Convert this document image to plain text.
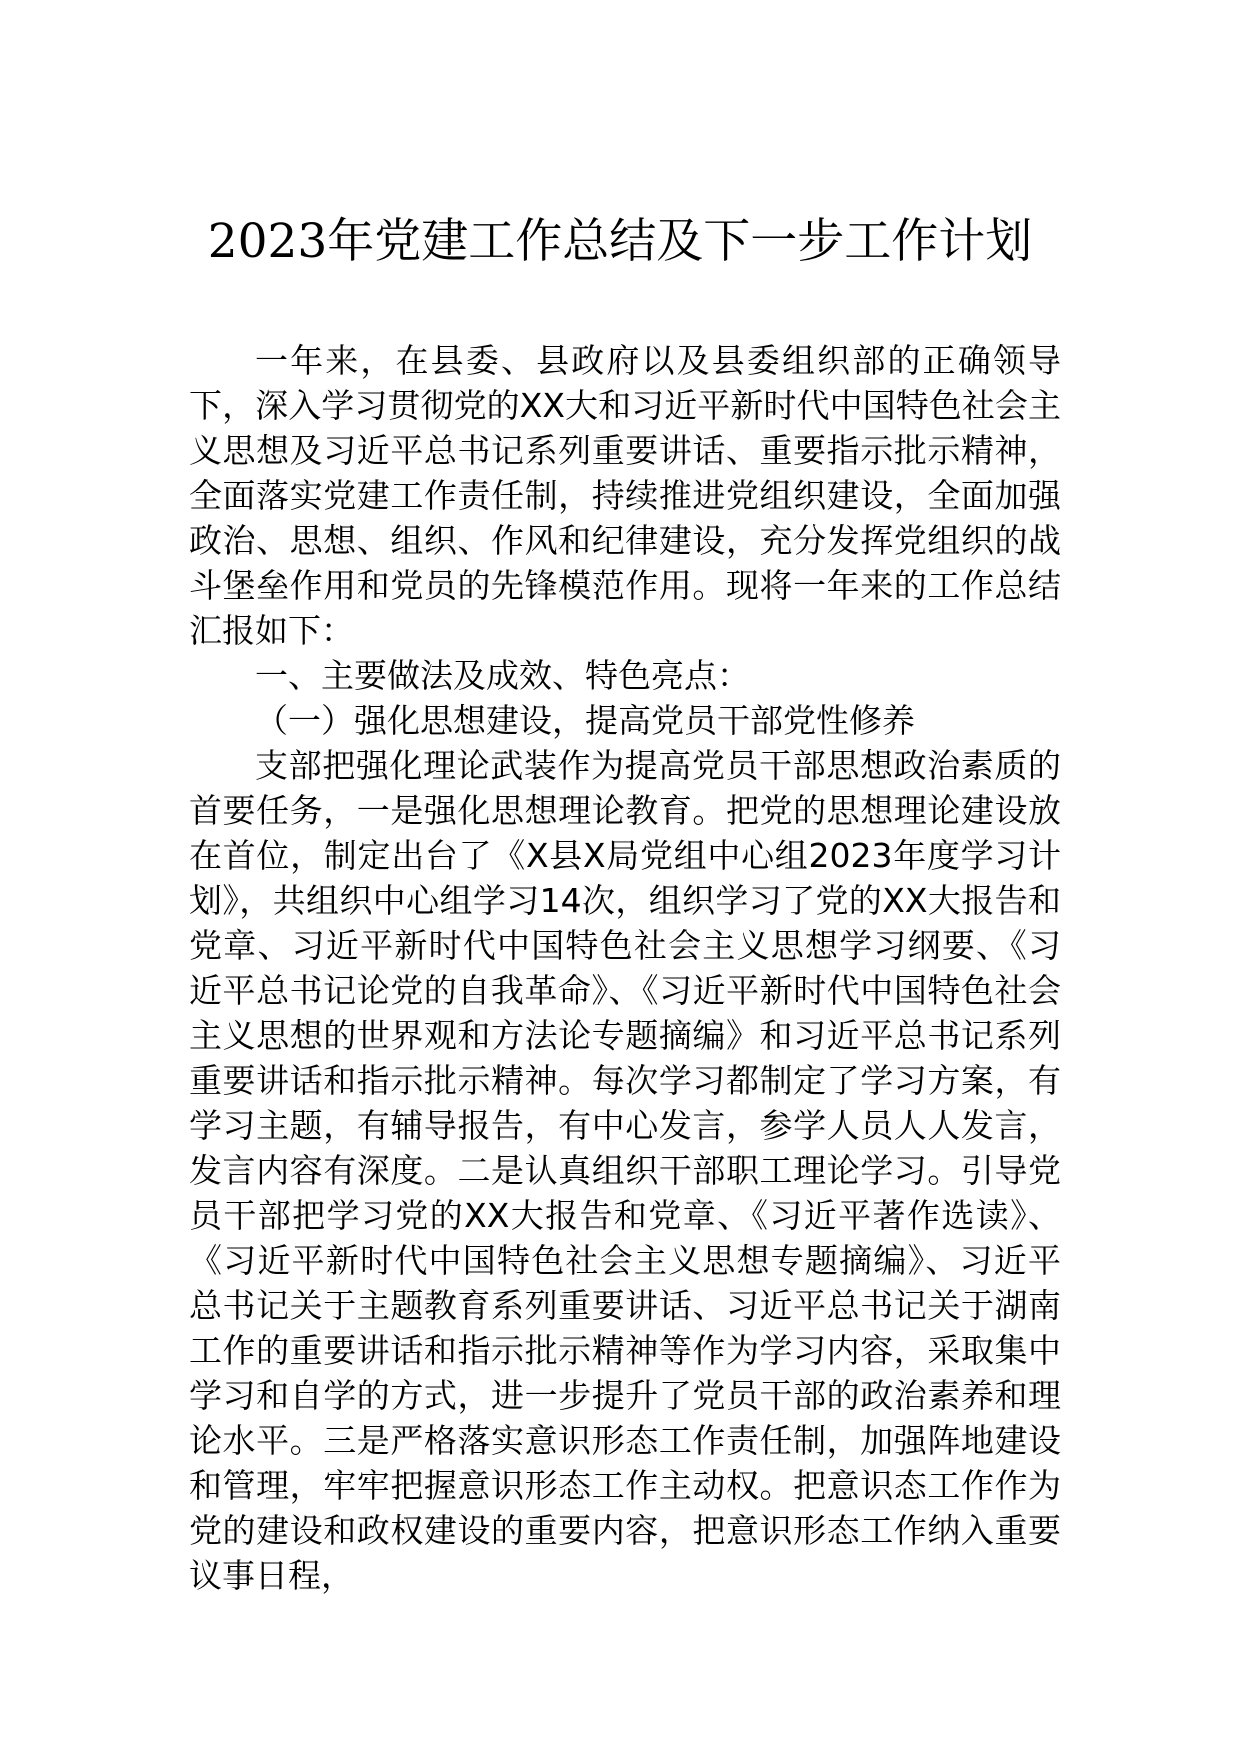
2023年党建工作总结及下一步工作计划

一年来，在县委、县政府以及县委组织部的正确领导下，深入学习贯彻党的XX大和习近平新时代中国特色社会主义思想及习近平总书记系列重要讲话、重要指示批示精神，全面落实党建工作责任制，持续推进党组织建设，全面加强政治、思想、组织、作风和纪律建设，充分发挥党组织的战斗堡垒作用和党员的先锋模范作用。现将一年来的工作总结汇报如下：

一、主要做法及成效、特色亮点：

（一）强化思想建设，提高党员干部党性修养

支部把强化理论武装作为提高党员干部思想政治素质的首要任务，一是强化思想理论教育。把党的思想理论建设放在首位，制定出台了《X县X局党组中心组2023年度学习计划》，共组织中心组学习14次，组织学习了党的XX大报告和党章、习近平新时代中国特色社会主义思想学习纲要、《习近平总书记论党的自我革命》、《习近平新时代中国特色社会主义思想的世界观和方法论专题摘编》和习近平总书记系列重要讲话和指示批示精神。每次学习都制定了学习方案，有学习主题，有辅导报告，有中心发言，参学人员人人发言，发言内容有深度。二是认真组织干部职工理论学习。引导党员干部把学习党的XX大报告和党章、《习近平著作选读》、《习近平新时代中国特色社会主义思想专题摘编》、习近平总书记关于主题教育系列重要讲话、习近平总书记关于湖南工作的重要讲话和指示批示精神等作为学习内容，采取集中学习和自学的方式，进一步提升了党员干部的政治素养和理论水平。三是严格落实意识形态工作责任制，加强阵地建设和管理，牢牢把握意识形态工作主动权。把意识态工作作为党的建设和政权建设的重要内容，把意识形态工作纳入重要议事日程，
